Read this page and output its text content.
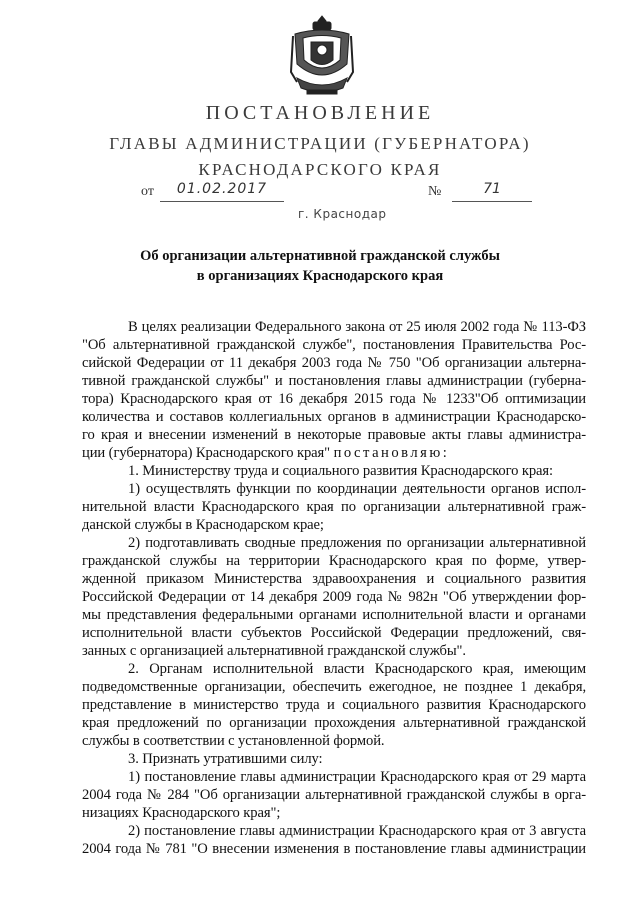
ПОСТАНОВЛЕНИЕ
ГЛАВЫ АДМИНИСТРАЦИИ (ГУБЕРНАТОРА)
КРАСНОДАРСКОГО КРАЯ
от	01.02.2017	№	71
г. Краснодар
Об организации альтернативной гражданской службы
в организациях Краснодарского края
В целях реализации Федерального закона от 25 июля 2002 года № 113-ФЗ
"Об альтернативной гражданской службе", постановления Правительства Рос-
сийской Федерации от 11 декабря 2003 года № 750 "Об организации альтерна-
тивной гражданской службы" и постановления главы администрации (губерна-
тора) Краснодарского края от 16 декабря 2015 года № 1233"Об оптимизации
количества и составов коллегиальных органов в администрации Краснодарско-
го края и внесении изменений в некоторые правовые акты главы администра-
ции (губернатора) Краснодарского края" постановляю:
1. Министерству труда и социального развития Краснодарского края:
1) осуществлять функции по координации деятельности органов испол-
нительной власти Краснодарского края по организации альтернативной граж-
данской службы в Краснодарском крае;
2) подготавливать сводные предложения по организации альтернативной
гражданской службы на территории Краснодарского края по форме, утвер-
жденной приказом Министерства здравоохранения и социального развития
Российской Федерации от 14 декабря 2009 года № 982н "Об утверждении фор-
мы представления федеральными органами исполнительной власти и органами
исполнительной власти субъектов Российской Федерации предложений, свя-
занных с организацией альтернативной гражданской службы".
2. Органам исполнительной власти Краснодарского края, имеющим
подведомственные организации, обеспечить ежегодное, не позднее 1 декабря,
представление в министерство труда и социального развития Краснодарского
края предложений по организации прохождения альтернативной гражданской
службы в соответствии с установленной формой.
3. Признать утратившими силу:
1) постановление главы администрации Краснодарского края от 29 марта
2004 года № 284 "Об организации альтернативной гражданской службы в орга-
низациях Краснодарского края";
2) постановление главы администрации Краснодарского края от 3 августа
2004 года № 781 "О внесении изменения в постановление главы администрации
